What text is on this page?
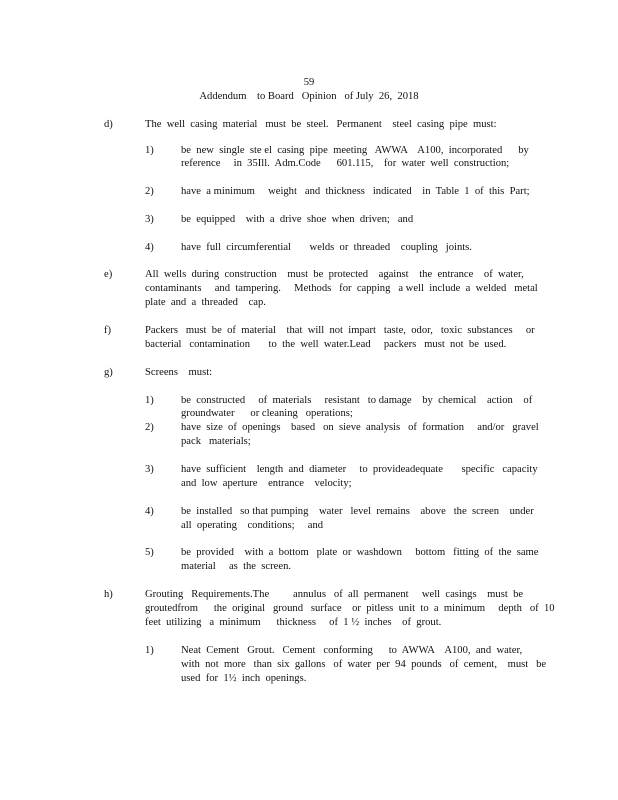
59
Addendum    to Board   Opinion   of July  26,  2018
d)	The  well  casing  material   must  be  steel.   Permanent    steel  casing  pipe  must:
1)	be  new  single  ste el  casing  pipe  meeting   AWWA    A100,  incorporated      by
reference     in  35Ill.  Adm.Code      601.115,    for  water  well  construction;
2)	have  a minimum     weight   and  thickness   indicated    in  Table  1  of  this  Part;
3)	be  equipped    with  a  drive  shoe  when  driven;   and
4)	have  full  circumferential       welds  or  threaded    coupling   joints.
e)	All  wells  during  construction    must  be  protected    against    the  entrance    of  water,
contaminants     and  tampering.     Methods   for  capping   a well  include  a  welded   metal
plate  and  a  threaded    cap.
f)	Packers   must  be  of  material    that  will  not  impart   taste,  odor,   toxic  substances     or
bacterial   contamination       to  the  well  water.Lead     packers   must  not  be  used.
g)	Screens    must:
1)	be  constructed     of  materials     resistant   to damage    by  chemical    action    of
groundwater      or cleaning   operations;
2)	have  size  of  openings    based   on  sieve  analysis   of  formation     and/or   gravel
pack   materials;
3)	have  sufficient    length  and  diameter     to  provideadequate       specific   capacity
and  low  aperture    entrance    velocity;
4)	be  installed   so that pumping    water   level  remains    above   the  screen    under
all  operating    conditions;     and
5)	be  provided    with  a  bottom   plate  or  washdown     bottom   fitting  of  the  same
material     as  the  screen.
h)	Grouting   Requirements.The         annulus   of  all  permanent     well  casings    must  be
groutedfrom      the  original   ground   surface    or  pitless  unit  to  a  minimum     depth   of  10
feet  utilizing   a  minimum      thickness     of  1 ½  inches    of  grout.
1)	Neat  Cement   Grout.   Cement   conforming      to  AWWA    A100,  and  water,
with  not  more   than  six  gallons   of  water  per  94  pounds   of  cement,    must   be
used  for  1½  inch  openings.
